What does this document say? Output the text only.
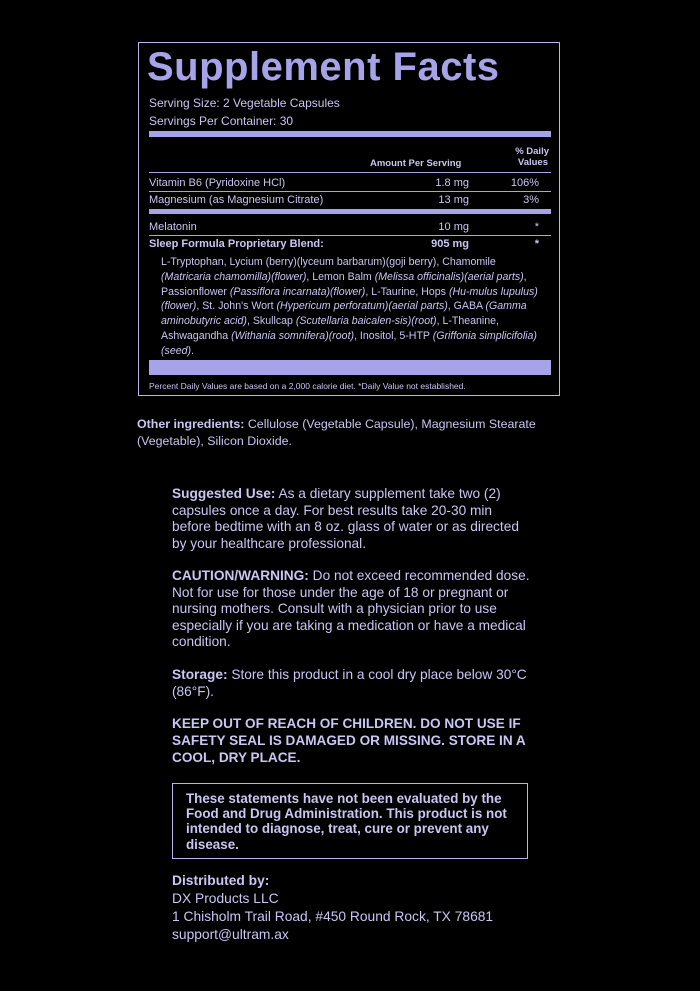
Supplement Facts
Serving Size: 2 Vegetable Capsules
Servings Per Container: 30
Amount Per Serving
% Daily
Values
Vitamin B6 (Pyridoxine HCl)	1.8 mg	106%
Magnesium (as Magnesium Citrate)	13 mg	3%
Melatonin	10 mg	*
Sleep Formula Proprietary Blend:	905 mg	*

L-Tryptophan, Lycium (berry)(lyceum barbarum)(goji berry), Chamomile (Matricaria chamomilla)(flower), Lemon Balm (Melissa officinalis)(aerial parts), Passionflower (Passiflora incarnata)(flower), L-Taurine, Hops (Hu-mulus lupulus)(flower), St. John's Wort (Hypericum perforatum)(aerial parts), GABA (Gamma aminobutyric acid), Skullcap (Scutellaria baicalen-sis)(root), L-Theanine, Ashwagandha (Withania somnifera)(root), Inositol, 5-HTP (Griffonia simplicifolia)(seed).

Percent Daily Values are based on a 2,000 calorie diet. *Daily Value not established.

Other ingredients: Cellulose (Vegetable Capsule), Magnesium Stearate (Vegetable), Silicon Dioxide.

Suggested Use: As a dietary supplement take two (2) capsules once a day. For best results take 20-30 min before bedtime with an 8 oz. glass of water or as directed by your healthcare professional.

CAUTION/WARNING: Do not exceed recommended dose. Not for use for those under the age of 18 or pregnant or nursing mothers. Consult with a physician prior to use especially if you are taking a medication or have a medical condition.

Storage: Store this product in a cool dry place below 30°C (86°F).

KEEP OUT OF REACH OF CHILDREN. DO NOT USE IF SAFETY SEAL IS DAMAGED OR MISSING. STORE IN A COOL, DRY PLACE.

These statements have not been evaluated by the Food and Drug Administration. This product is not intended to diagnose, treat, cure or prevent any disease.

Distributed by:
DX Products LLC
1 Chisholm Trail Road, #450 Round Rock, TX 78681
support@ultram.ax
